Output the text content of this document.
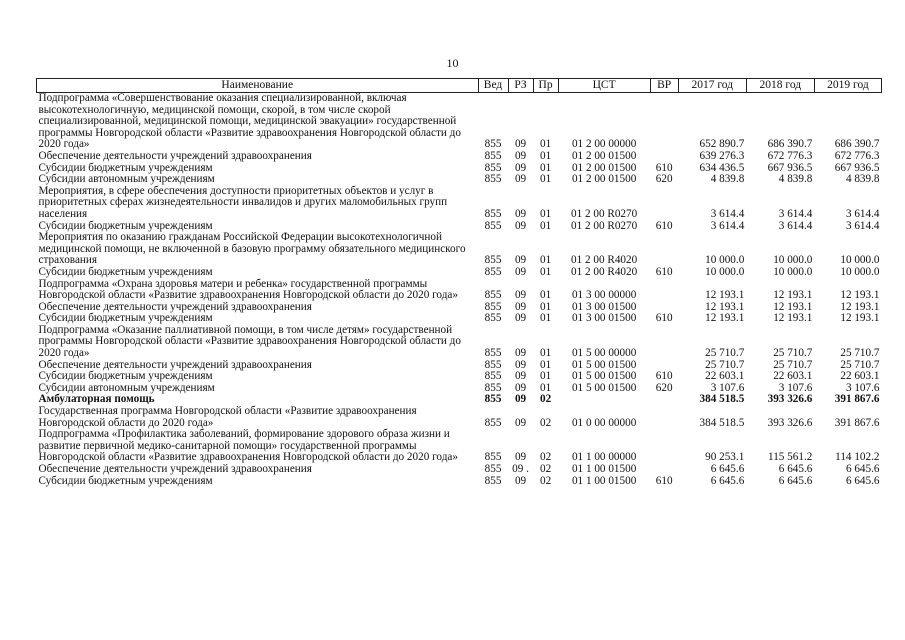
10
Наименование	Вед	РЗ	Пр	ЦСТ	ВР	2017 год	2018 год	2019 год
Подпрограмма «Совершенствование оказания специализированной, включая высокотехнологичную, медицинской помощи, скорой, в том числе скорой специализированной, медицинской помощи, медицинской эвакуации» государственной программы Новгородской области «Развитие здравоохранения Новгородской области до 2020 года»	855	09	01	01 2 00 00000		652 890.7	686 390.7	686 390.7
Обеспечение деятельности учреждений здравоохранения	855	09	01	01 2 00 01500		639 276.3	672 776.3	672 776.3
Субсидии бюджетным учреждениям	855	09	01	01 2 00 01500	610	634 436.5	667 936.5	667 936.5
Субсидии автономным учреждениям	855	09	01	01 2 00 01500	620	4 839.8	4 839.8	4 839.8
Мероприятия, в сфере обеспечения доступности приоритетных объектов и услуг в приоритетных сферах жизнедеятельности инвалидов и других маломобильных групп населения	855	09	01	01 2 00 R0270		3 614.4	3 614.4	3 614.4
Субсидии бюджетным учреждениям	855	09	01	01 2 00 R0270	610	3 614.4	3 614.4	3 614.4
Мероприятия по оказанию гражданам Российской Федерации высокотехнологичной медицинской помощи, не включенной в базовую программу обязательного медицинского страхования	855	09	01	01 2 00 R4020		10 000.0	10 000.0	10 000.0
Субсидии бюджетным учреждениям	855	09	01	01 2 00 R4020	610	10 000.0	10 000.0	10 000.0
Подпрограмма «Охрана здоровья матери и ребенка» государственной программы Новгородской области «Развитие здравоохранения Новгородской области до 2020 года»	855	09	01	01 3 00 00000		12 193.1	12 193.1	12 193.1
Обеспечение деятельности учреждений здравоохранения	855	09	01	01 3 00 01500		12 193.1	12 193.1	12 193.1
Субсидии бюджетным учреждениям	855	09	01	01 3 00 01500	610	12 193.1	12 193.1	12 193.1
Подпрограмма «Оказание паллиативной помощи, в том числе детям» государственной программы Новгородской области «Развитие здравоохранения Новгородской области до 2020 года»	855	09	01	01 5 00 00000		25 710.7	25 710.7	25 710.7
Обеспечение деятельности учреждений здравоохранения	855	09	01	01 5 00 01500		25 710.7	25 710.7	25 710.7
Субсидии бюджетным учреждениям	855	09	01	01 5 00 01500	610	22 603.1	22 603.1	22 603.1
Субсидии автономным учреждениям	855	09	01	01 5 00 01500	620	3 107.6	3 107.6	3 107.6
Амбулаторная помощь	855	09	02			384 518.5	393 326.6	391 867.6
Государственная программа Новгородской области «Развитие здравоохранения Новгородской области до 2020 года»	855	09	02	01 0 00 00000		384 518.5	393 326.6	391 867.6
Подпрограмма «Профилактика заболеваний, формирование здорового образа жизни и развитие первичной медико-санитарной помощи» государственной программы Новгородской области «Развитие здравоохранения Новгородской области до 2020 года»	855	09	02	01 1 00 00000		90 253.1	115 561.2	114 102.2
Обеспечение деятельности учреждений здравоохранения	855	09 .	02	01 1 00 01500		6 645.6	6 645.6	6 645.6
Субсидии бюджетным учреждениям	855	09	02	01 1 00 01500	610	6 645.6	6 645.6	6 645.6
